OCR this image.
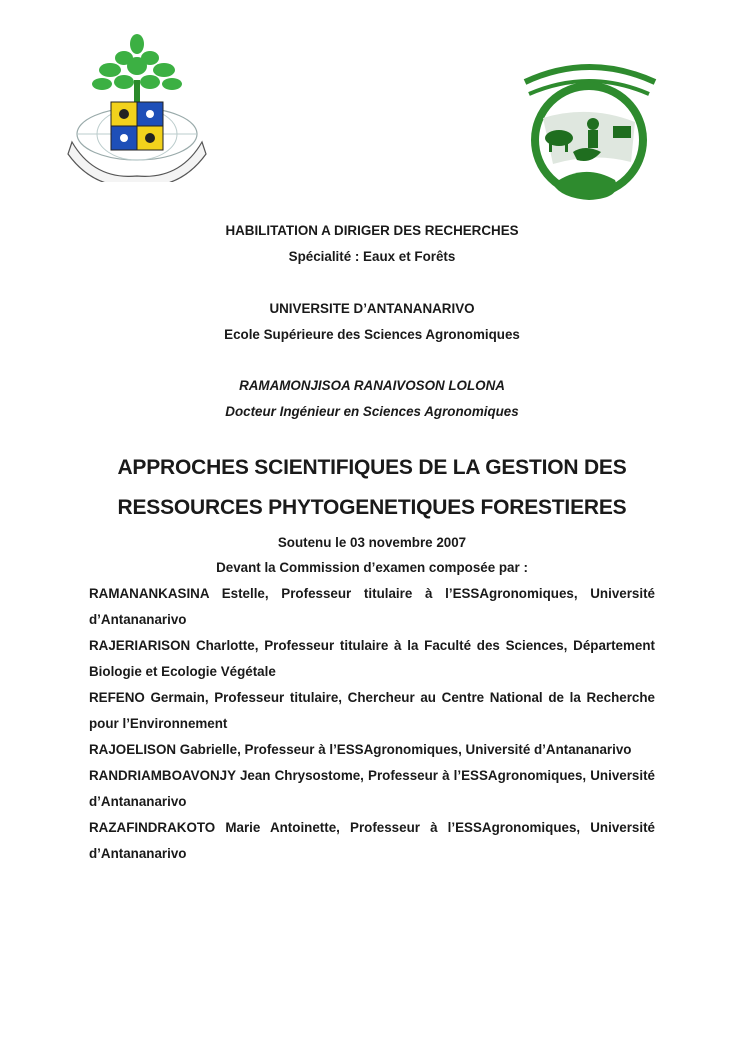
HABILITATION A DIRIGER DES RECHERCHES
Spécialité : Eaux et Forêts
UNIVERSITE D’ANTANANARIVO
Ecole Supérieure des Sciences Agronomiques
RAMAMONJISOA RANAIVOSON LOLONA
Docteur Ingénieur en Sciences Agronomiques
APPROCHES SCIENTIFIQUES DE LA GESTION DES
RESSOURCES PHYTOGENETIQUES FORESTIERES
Soutenu le 03 novembre 2007
Devant la Commission d’examen composée par :
RAMANANKASINA Estelle, Professeur titulaire à l’ESSAgronomiques, Université d’Antananarivo
RAJERIARISON Charlotte, Professeur titulaire à la Faculté des Sciences, Département Biologie et Ecologie Végétale
REFENO Germain, Professeur titulaire, Chercheur au Centre National de la Recherche pour l’Environnement
RAJOELISON Gabrielle, Professeur à l’ESSAgronomiques, Université d’Antananarivo
RANDRIAMBOAVONJY Jean Chrysostome, Professeur à l’ESSAgronomiques, Université d’Antananarivo
RAZAFINDRAKOTO Marie Antoinette, Professeur à l’ESSAgronomiques, Université d’Antananarivo
